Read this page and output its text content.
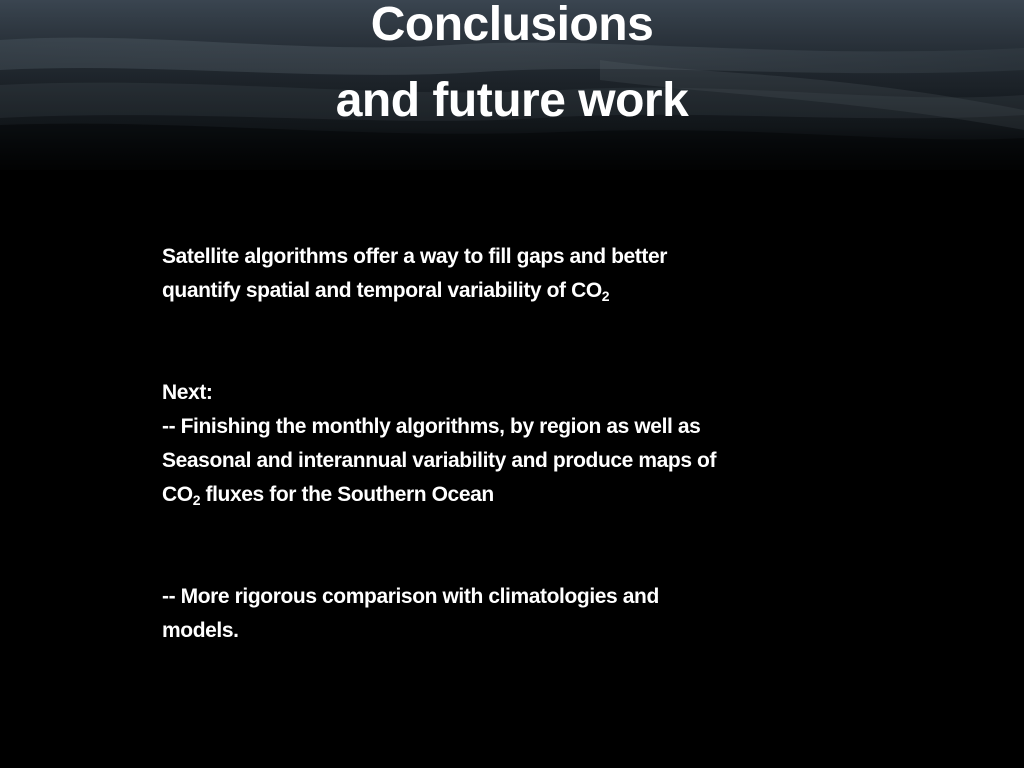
Conclusions
and future work

Satellite algorithms offer a way to fill gaps and better
quantify spatial and temporal variability of $CO_2$

Next:
-- Finishing the monthly algorithms, by region as well as
Seasonal and interannual variability and produce maps of
$CO_2$ fluxes for the Southern Ocean

-- More rigorous comparison with climatologies and
models.
